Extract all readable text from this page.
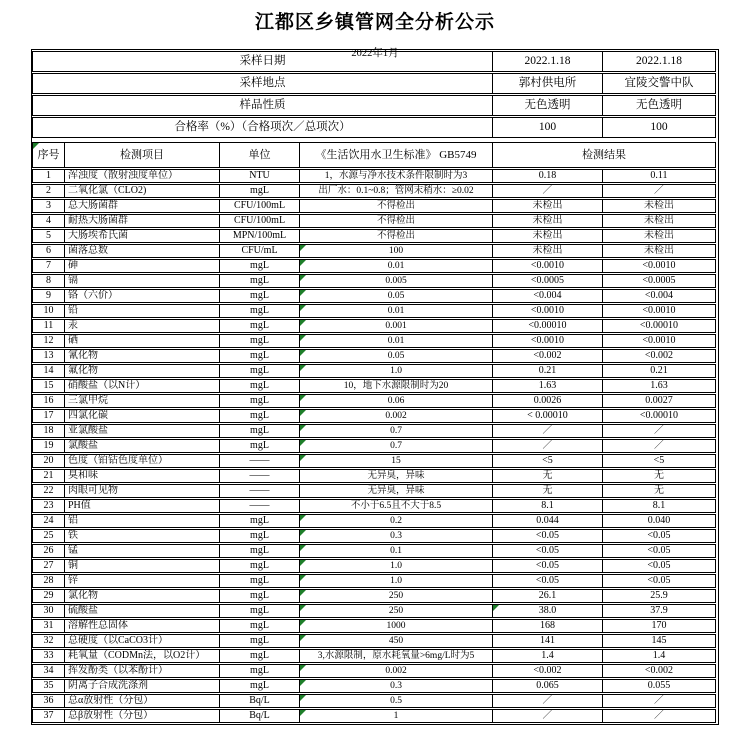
江都区乡镇管网全分析公示
2022年1月
采样日期	2022.1.18	2022.1.18
采样地点	郭村供电所	宜陵交警中队
样品性质	无色透明	无色透明
合格率（%）（合格项次／总项次）	100	100
序号	检测项目	单位	《生活饮用水卫生标准》 GB5749	检测结果	
1	浑浊度（散射浊度单位）	NTU	1，水源与净水技术条件限制时为3	0.18	0.11
2	二氧化氯（CLO2)	mgL	出厂水：0.1~0.8；管网末稍水：≥0.02	／	／
3	总大肠菌群	CFU/100mL	不得检出	未检出	未检出
4	耐热大肠菌群	CFU/100mL	不得检出	未检出	未检出
5	大肠埃希氏菌	MPN/100mL	不得检出	未检出	未检出
6	菌落总数	CFU/mL	100	未检出	未检出
7	砷	mgL	0.01	<0.0010	<0.0010
8	镉	mgL	0.005	<0.0005	<0.0005
9	铬（六价）	mgL	0.05	<0.004	<0.004
10	铅	mgL	0.01	<0.0010	<0.0010
11	汞	mgL	0.001	<0.00010	<0.00010
12	硒	mgL	0.01	<0.0010	<0.0010
13	氰化物	mgL	0.05	<0.002	<0.002
14	氟化物	mgL	1.0	0.21	0.21
15	硝酸盐（以N计）	mgL	10，地下水源限制时为20	1.63	1.63
16	三氯甲烷	mgL	0.06	0.0026	0.0027
17	四氯化碳	mgL	0.002	< 0.00010	<0.00010
18	亚氯酸盐	mgL	0.7	／	／
19	氯酸盐	mgL	0.7	／	／
20	色度（铂钴色度单位）	——	15	<5	<5
21	臭和味	——	无异臭，异味	无	无
22	肉眼可见物	——	无异臭，异味	无	无
23	PH值	——	不小于6.5且不大于8.5	8.1	8.1
24	铝	mgL	0.2	0.044	0.040
25	铁	mgL	0.3	<0.05	<0.05
26	锰	mgL	0.1	<0.05	<0.05
27	铜	mgL	1.0	<0.05	<0.05
28	锌	mgL	1.0	<0.05	<0.05
29	氯化物	mgL	250	26.1	25.9
30	硫酸盐	mgL	250	38.0	37.9
31	溶解性总固体	mgL	1000	168	170
32	总硬度（以CaCO3计）	mgL	450	141	145
33	耗氧量（CODMn法，以O2计）	mgL	3,水源限制，原水耗氧量>6mg/L时为5	1.4	1.4
34	挥发酚类（以苯酚计）	mgL	0.002	<0.002	<0.002
35	阴离子合成洗涤剂	mgL	0.3	0.065	0.055
36	总α放射性（分包）	Bq/L	0.5	／	／
37	总β放射性（分包）	Bq/L	1	／	／
